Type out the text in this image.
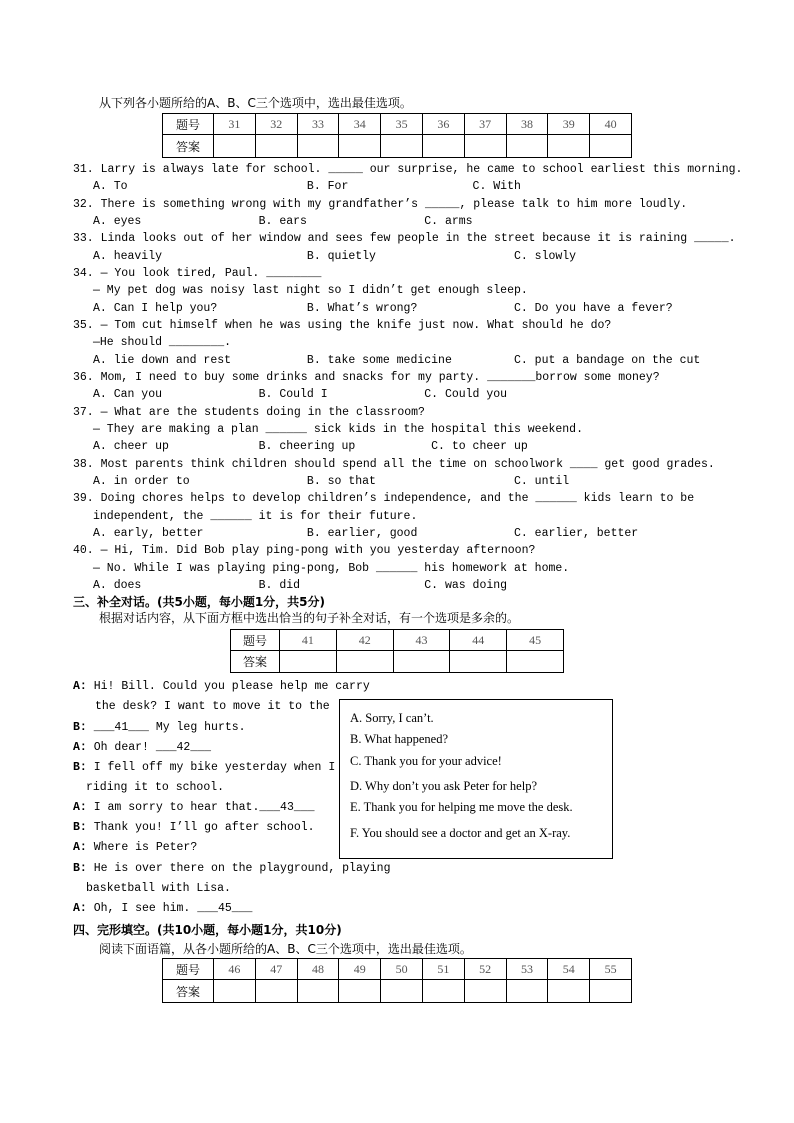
从下列各小题所给的A、B、C三个选项中，选出最佳选项。
题号	31	32	33	34	35	36	37	38	39	40
答案										
31. Larry is always late for school. _____ our surprise, he came to school earliest this morning.
A. To                          B. For                  C. With
32. There is something wrong with my grandfather’s _____, please talk to him more loudly.
A. eyes                 B. ears                 C. arms
33. Linda looks out of her window and sees few people in the street because it is raining _____.
A. heavily                     B. quietly                    C. slowly
34. — You look tired, Paul. ________
— My pet dog was noisy last night so I didn’t get enough sleep.
A. Can I help you?             B. What’s wrong?              C. Do you have a fever?
35. — Tom cut himself when he was using the knife just now. What should he do?
—He should ________.
A. lie down and rest           B. take some medicine         C. put a bandage on the cut
36. Mom, I need to buy some drinks and snacks for my party. _______borrow some money?
A. Can you              B. Could I              C. Could you
37. — What are the students doing in the classroom?
— They are making a plan ______ sick kids in the hospital this weekend.
A. cheer up             B. cheering up           C. to cheer up
38. Most parents think children should spend all the time on schoolwork ____ get good grades.
A. in order to                 B. so that                    C. until
39. Doing chores helps to develop children’s independence, and the ______ kids learn to be
independent, the ______ it is for their future.
A. early, better               B. earlier, good              C. earlier, better
40. — Hi, Tim. Did Bob play ping-pong with you yesterday afternoon?
— No. While I was playing ping-pong, Bob ______ his homework at home.
A. does                 B. did                  C. was doing
三、补全对话。(共5小题，每小题1分，共5分)
根据对话内容，从下面方框中选出恰当的句子补全对话，有一个选项是多余的。
题号	41	42	43	44	45
答案					
A: Hi! Bill. Could you please help me carry
the desk? I want to move it to the
B: ___41___ My leg hurts.
A: Oh dear! ___42___
B: I fell off my bike yesterday when I
riding it to school.
A: I am sorry to hear that.___43___
B: Thank you! I’ll go after school.
A: Where is Peter?
B: He is over there on the playground, playing
basketball with Lisa.
A: Oh, I see him. ___45___
A. Sorry, I can’t.
B. What happened?
C. Thank you for your advice!
D. Why don’t you ask Peter for help?
E. Thank you for helping me move the desk.
F. You should see a doctor and get an X-ray.
四、完形填空。(共10小题，每小题1分，共10分)
阅读下面语篇，从各小题所给的A、B、C三个选项中，选出最佳选项。
题号	46	47	48	49	50	51	52	53	54	55
答案										
